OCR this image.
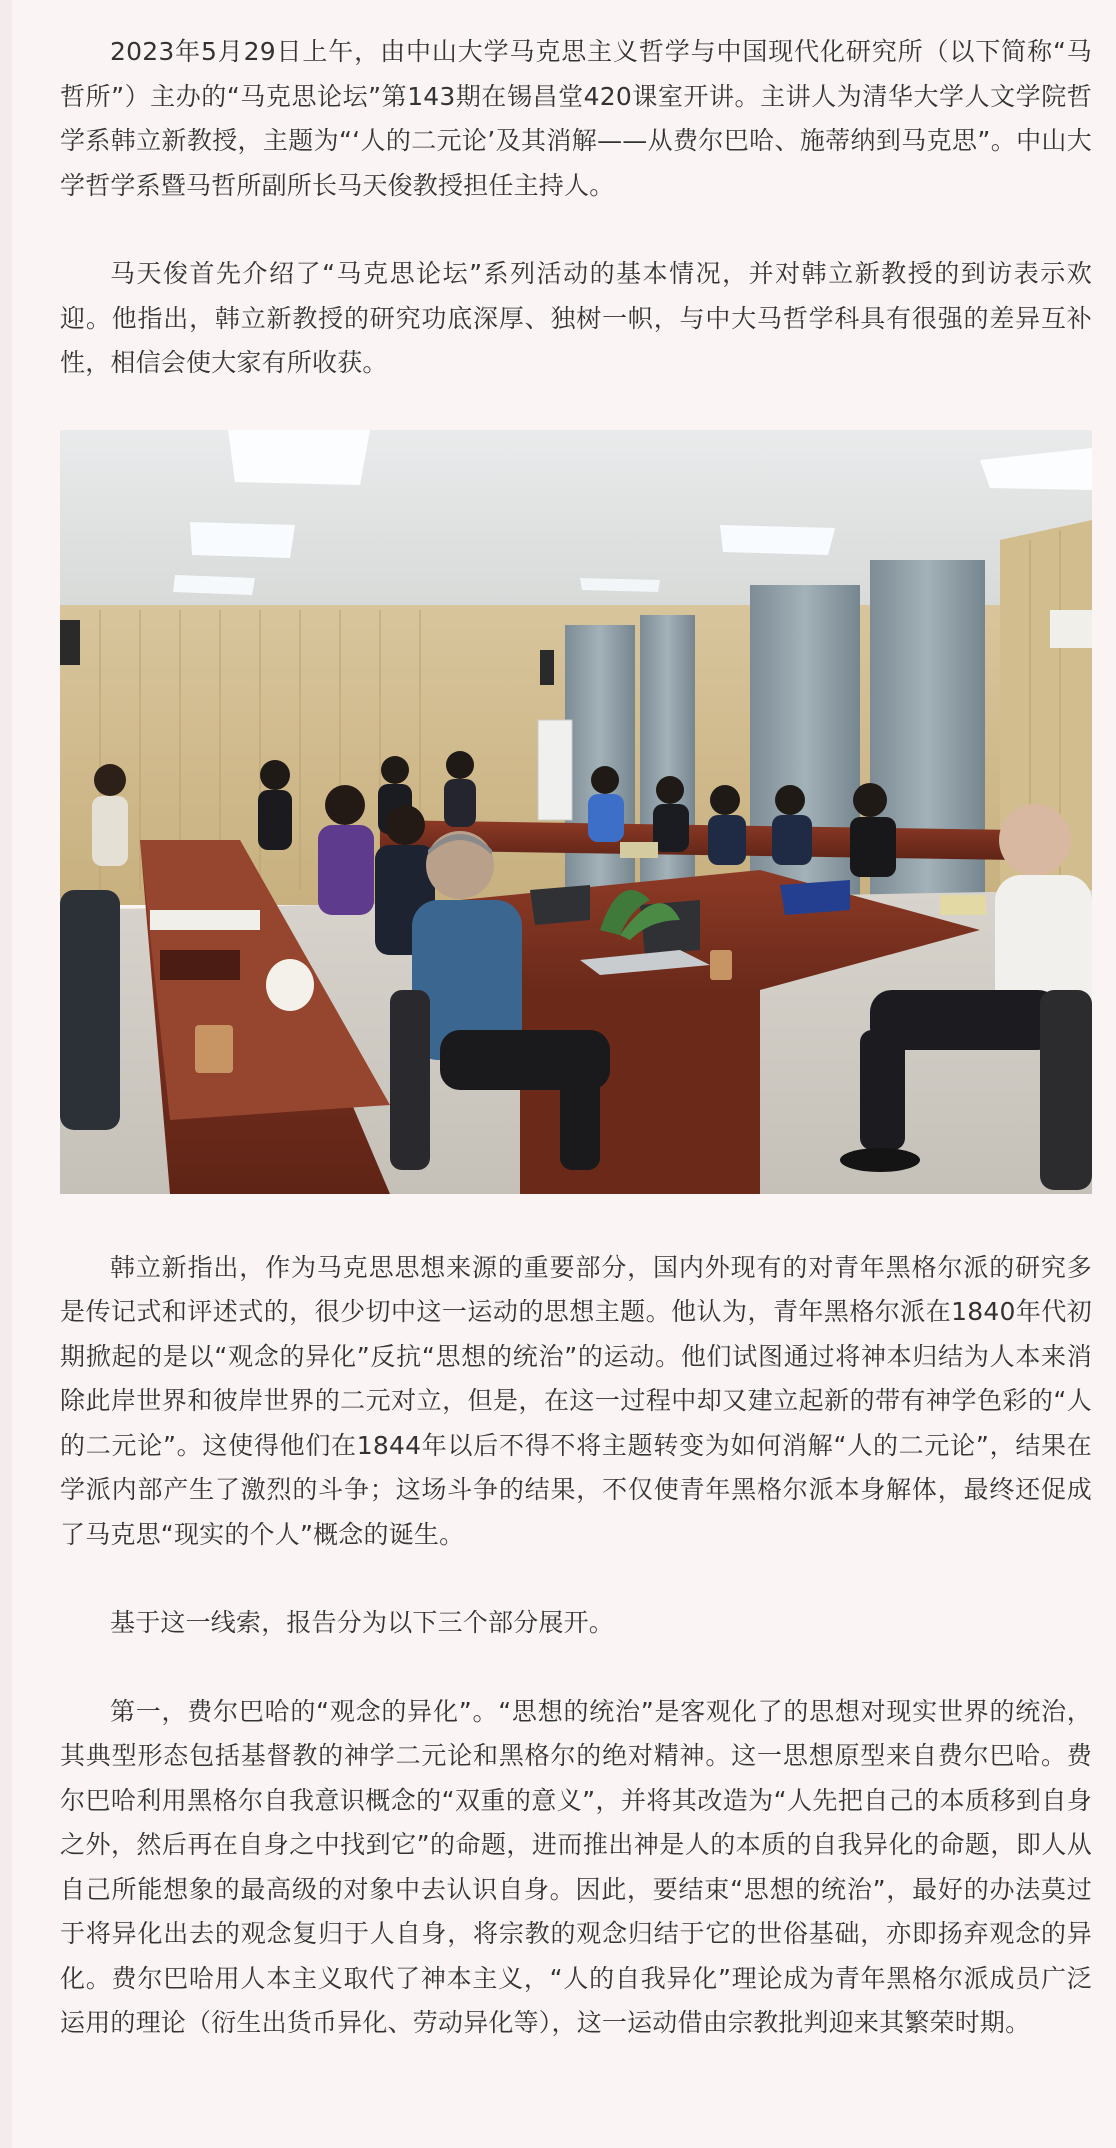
2023年5月29日上午，由中山大学马克思主义哲学与中国现代化研究所（以下简称“马哲所”）主办的“马克思论坛”第143期在锡昌堂420课室开讲。主讲人为清华大学人文学院哲学系韩立新教授，主题为“‘人的二元论’及其消解——从费尔巴哈、施蒂纳到马克思”。中山大学哲学系暨马哲所副所长马天俊教授担任主持人。

马天俊首先介绍了“马克思论坛”系列活动的基本情况，并对韩立新教授的到访表示欢迎。他指出，韩立新教授的研究功底深厚、独树一帜，与中大马哲学科具有很强的差异互补性，相信会使大家有所收获。

韩立新指出，作为马克思思想来源的重要部分，国内外现有的对青年黑格尔派的研究多是传记式和评述式的，很少切中这一运动的思想主题。他认为，青年黑格尔派在1840年代初期掀起的是以“观念的异化”反抗“思想的统治”的运动。他们试图通过将神本归结为人本来消除此岸世界和彼岸世界的二元对立，但是，在这一过程中却又建立起新的带有神学色彩的“人的二元论”。这使得他们在1844年以后不得不将主题转变为如何消解“人的二元论”，结果在学派内部产生了激烈的斗争；这场斗争的结果，不仅使青年黑格尔派本身解体，最终还促成了马克思“现实的个人”概念的诞生。

基于这一线索，报告分为以下三个部分展开。

第一，费尔巴哈的“观念的异化”。“思想的统治”是客观化了的思想对现实世界的统治，其典型形态包括基督教的神学二元论和黑格尔的绝对精神。这一思想原型来自费尔巴哈。费尔巴哈利用黑格尔自我意识概念的“双重的意义”，并将其改造为“人先把自己的本质移到自身之外，然后再在自身之中找到它”的命题，进而推出神是人的本质的自我异化的命题，即人从自己所能想象的最高级的对象中去认识自身。因此，要结束“思想的统治”，最好的办法莫过于将异化出去的观念复归于人自身，将宗教的观念归结于它的世俗基础，亦即扬弃观念的异化。费尔巴哈用人本主义取代了神本主义，“人的自我异化”理论成为青年黑格尔派成员广泛运用的理论（衍生出货币异化、劳动异化等），这一运动借由宗教批判迎来其繁荣时期。
